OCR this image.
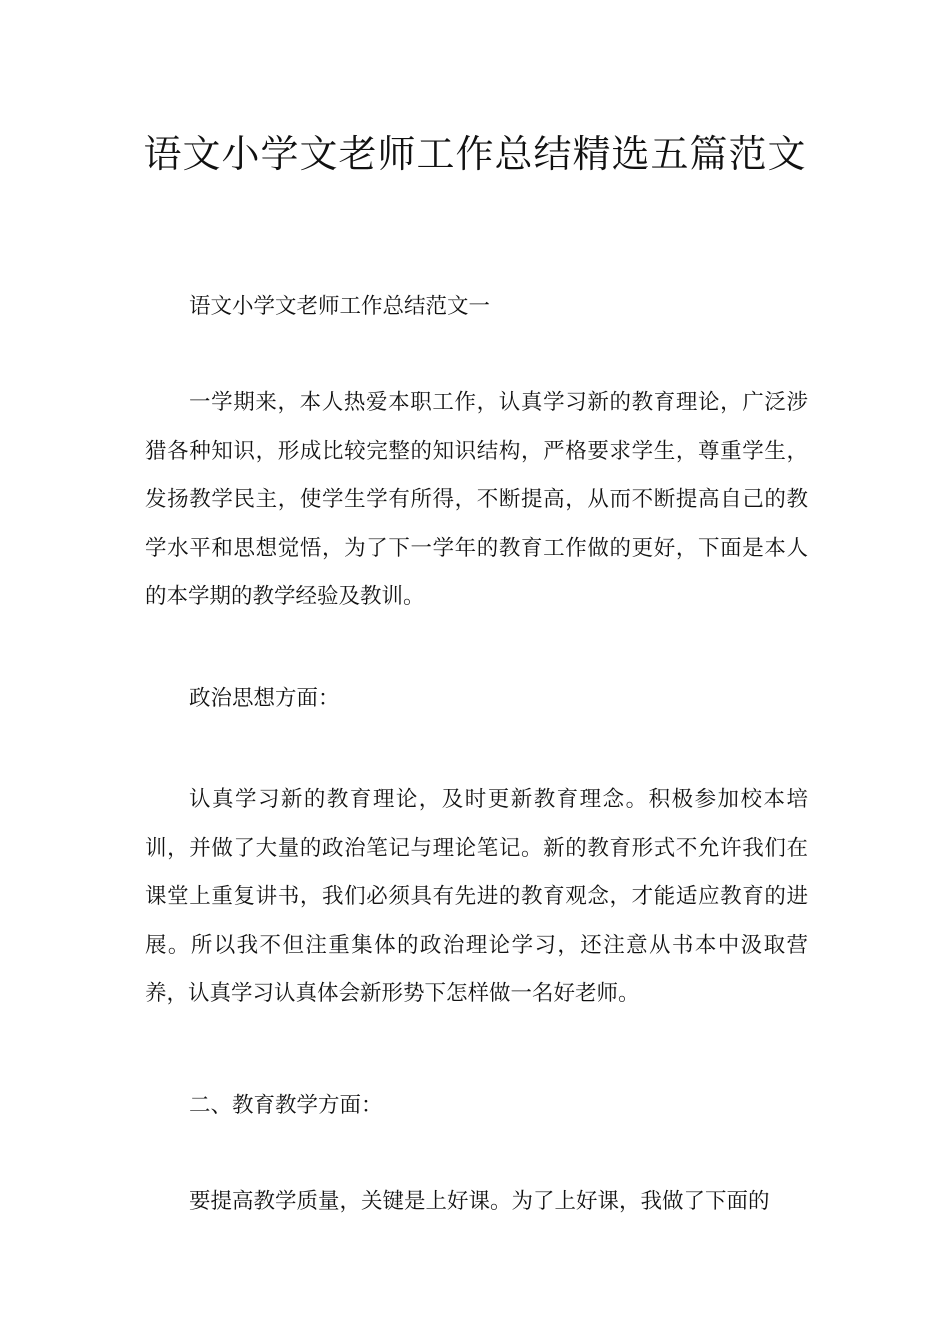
语文小学文老师工作总结精选五篇范文

语文小学文老师工作总结范文一

一学期来，本人热爱本职工作，认真学习新的教育理论，广泛涉猎各种知识，形成比较完整的知识结构，严格要求学生，尊重学生，发扬教学民主，使学生学有所得，不断提高，从而不断提高自己的教学水平和思想觉悟，为了下一学年的教育工作做的更好，下面是本人的本学期的教学经验及教训。

政治思想方面：

认真学习新的教育理论，及时更新教育理念。积极参加校本培训，并做了大量的政治笔记与理论笔记。新的教育形式不允许我们在课堂上重复讲书，我们必须具有先进的教育观念，才能适应教育的进展。所以我不但注重集体的政治理论学习，还注意从书本中汲取营养，认真学习认真体会新形势下怎样做一名好老师。

二、教育教学方面：

要提高教学质量，关键是上好课。为了上好课，我做了下面的
